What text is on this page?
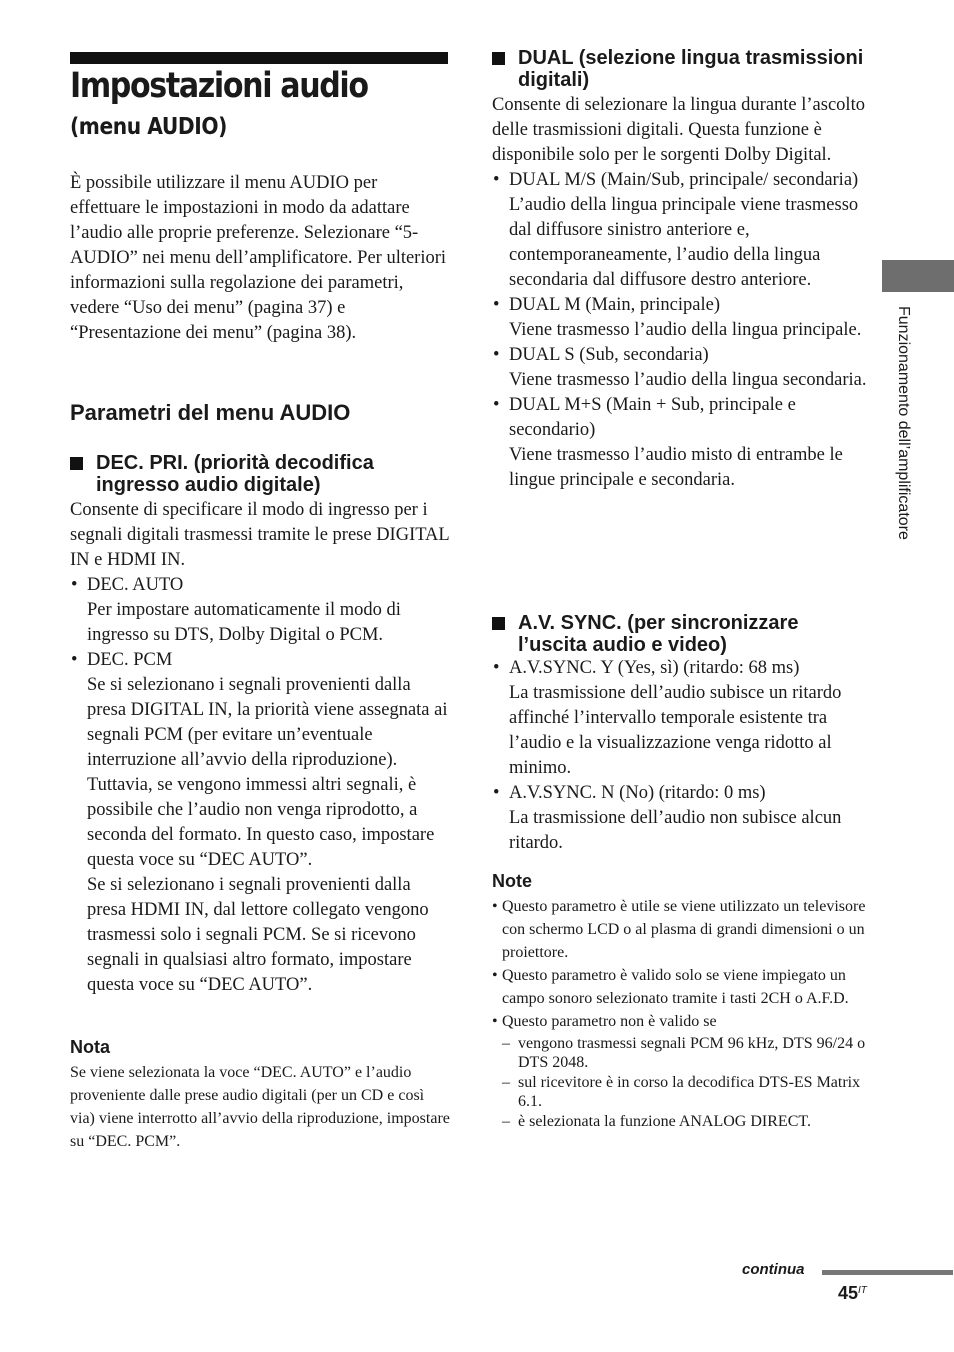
Impostazioni audio
(menu AUDIO)

È possibile utilizzare il menu AUDIO per effettuare le impostazioni in modo da adattare l’audio alle proprie preferenze. Selezionare “5-AUDIO” nei menu dell’amplificatore. Per ulteriori informazioni sulla regolazione dei parametri, vedere “Uso dei menu” (pagina 37) e “Presentazione dei menu” (pagina 38).

Parametri del menu AUDIO
DEC. PRI. (priorità decodifica ingresso audio digitale)

Consente di specificare il modo di ingresso per i segnali digitali trasmessi tramite le prese DIGITAL IN e HDMI IN.

• DEC. AUTO

Per impostare automaticamente il modo di ingresso su DTS, Dolby Digital o PCM.

• DEC. PCM

Se si selezionano i segnali provenienti dalla presa DIGITAL IN, la priorità viene assegnata ai segnali PCM (per evitare un’eventuale interruzione all’avvio della riproduzione). Tuttavia, se vengono immessi altri segnali, è possibile che l’audio non venga riprodotto, a seconda del formato. In questo caso, impostare questa voce su “DEC AUTO”.

Se si selezionano i segnali provenienti dalla presa HDMI IN, dal lettore collegato vengono trasmessi solo i segnali PCM. Se si ricevono segnali in qualsiasi altro formato, impostare questa voce su “DEC AUTO”.

Nota

Se viene selezionata la voce “DEC. AUTO” e l’audio proveniente dalle prese audio digitali (per un CD e così via) viene interrotto all’avvio della riproduzione, impostare su “DEC. PCM”.

DUAL (selezione lingua trasmissioni digitali)

Consente di selezionare la lingua durante l’ascolto delle trasmissioni digitali. Questa funzione è disponibile solo per le sorgenti Dolby Digital.

• DUAL M/S (Main/Sub, principale/ secondaria)

L’audio della lingua principale viene trasmesso dal diffusore sinistro anteriore e, contemporaneamente, l’audio della lingua secondaria dal diffusore destro anteriore.

• DUAL M (Main, principale)

Viene trasmesso l’audio della lingua principale.

• DUAL S (Sub, secondaria)

Viene trasmesso l’audio della lingua secondaria.

• DUAL M+S (Main + Sub, principale e secondario)

Viene trasmesso l’audio misto di entrambe le lingue principale e secondaria.

A.V. SYNC. (per sincronizzare l’uscita audio e video)
• A.V.SYNC. Y (Yes, sì) (ritardo: 68 ms)

La trasmissione dell’audio subisce un ritardo affinché l’intervallo temporale esistente tra l’audio e la visualizzazione venga ridotto al minimo.

• A.V.SYNC. N (No) (ritardo: 0 ms)

La trasmissione dell’audio non subisce alcun ritardo.

Note

• Questo parametro è utile se viene utilizzato un televisore con schermo LCD o al plasma di grandi dimensioni o un proiettore.

• Questo parametro è valido solo se viene impiegato un campo sonoro selezionato tramite i tasti 2CH o A.F.D.

• Questo parametro non è valido se

– vengono trasmessi segnali PCM 96 kHz, DTS 96/24 o DTS 2048.

– sul ricevitore è in corso la decodifica DTS-ES Matrix 6.1.

– è selezionata la funzione ANALOG DIRECT.

Funzionamento dell’amplificatore
continua
$45^{IT}$
